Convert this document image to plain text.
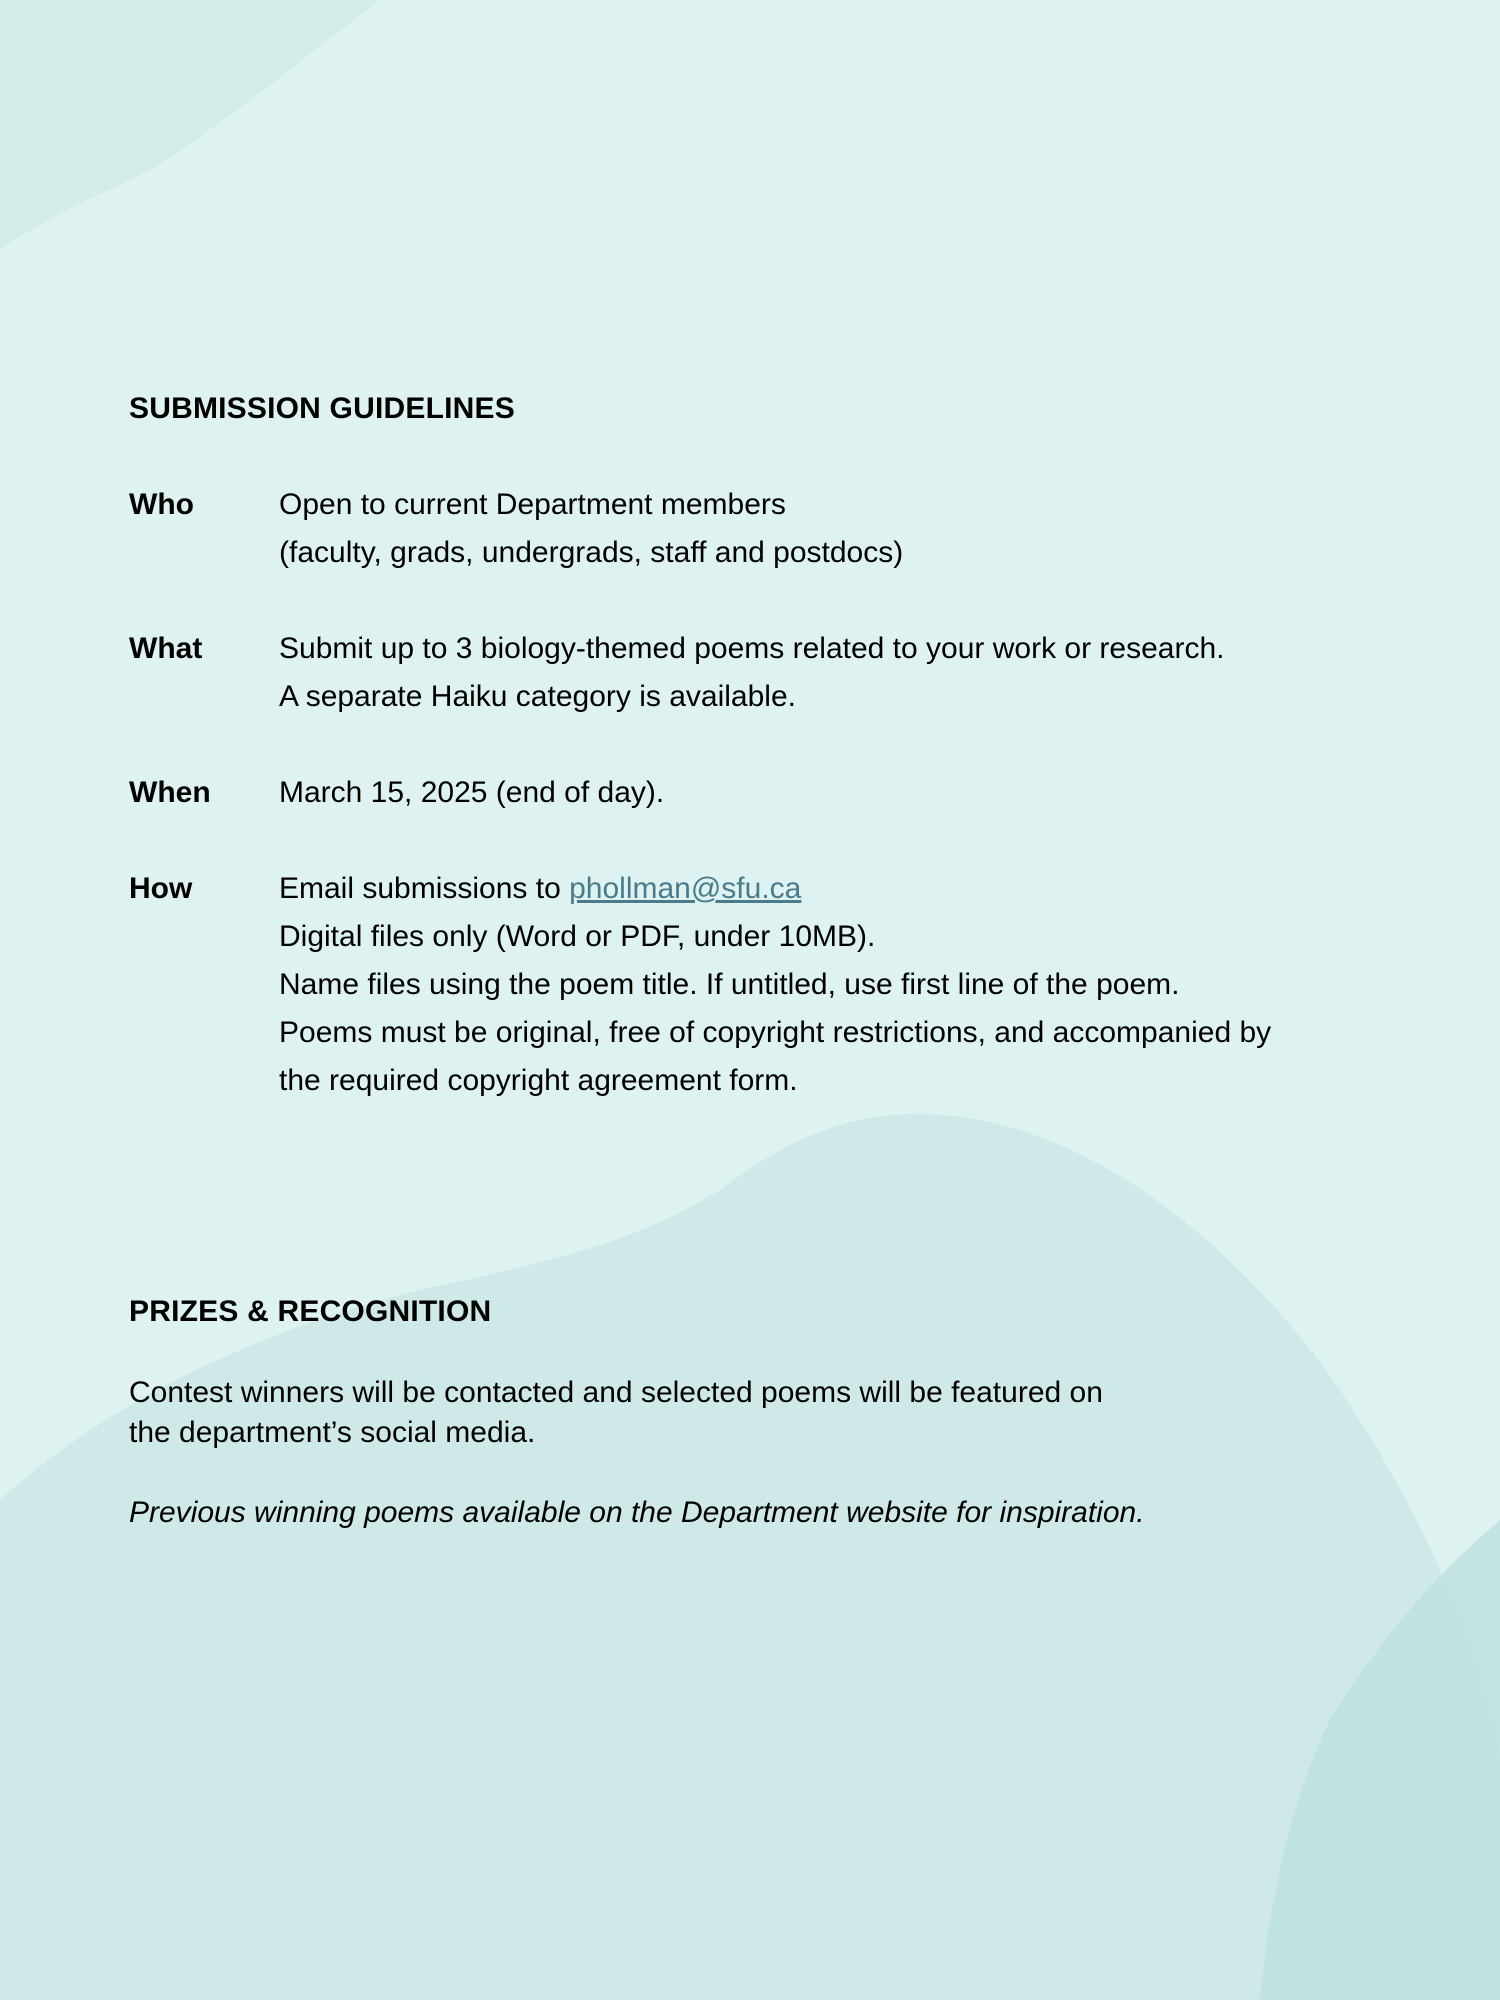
SUBMISSION GUIDELINES
Who	Open to current Department members
(faculty, grads, undergrads, staff and postdocs)
What	Submit up to 3 biology-themed poems related to your work or research.
A separate Haiku category is available.
When March 15, 2025 (end of day).
How	Email submissions to phollman@sfu.ca
Digital files only (Word or PDF, under 10MB).
Name files using the poem title. If untitled, use first line of the poem.
Poems must be original, free of copyright restrictions, and accompanied by
the required copyright agreement form.
PRIZES & RECOGNITION
Contest winners will be contacted and selected poems will be featured on
the department’s social media.
Previous winning poems available on the Department website for inspiration.
